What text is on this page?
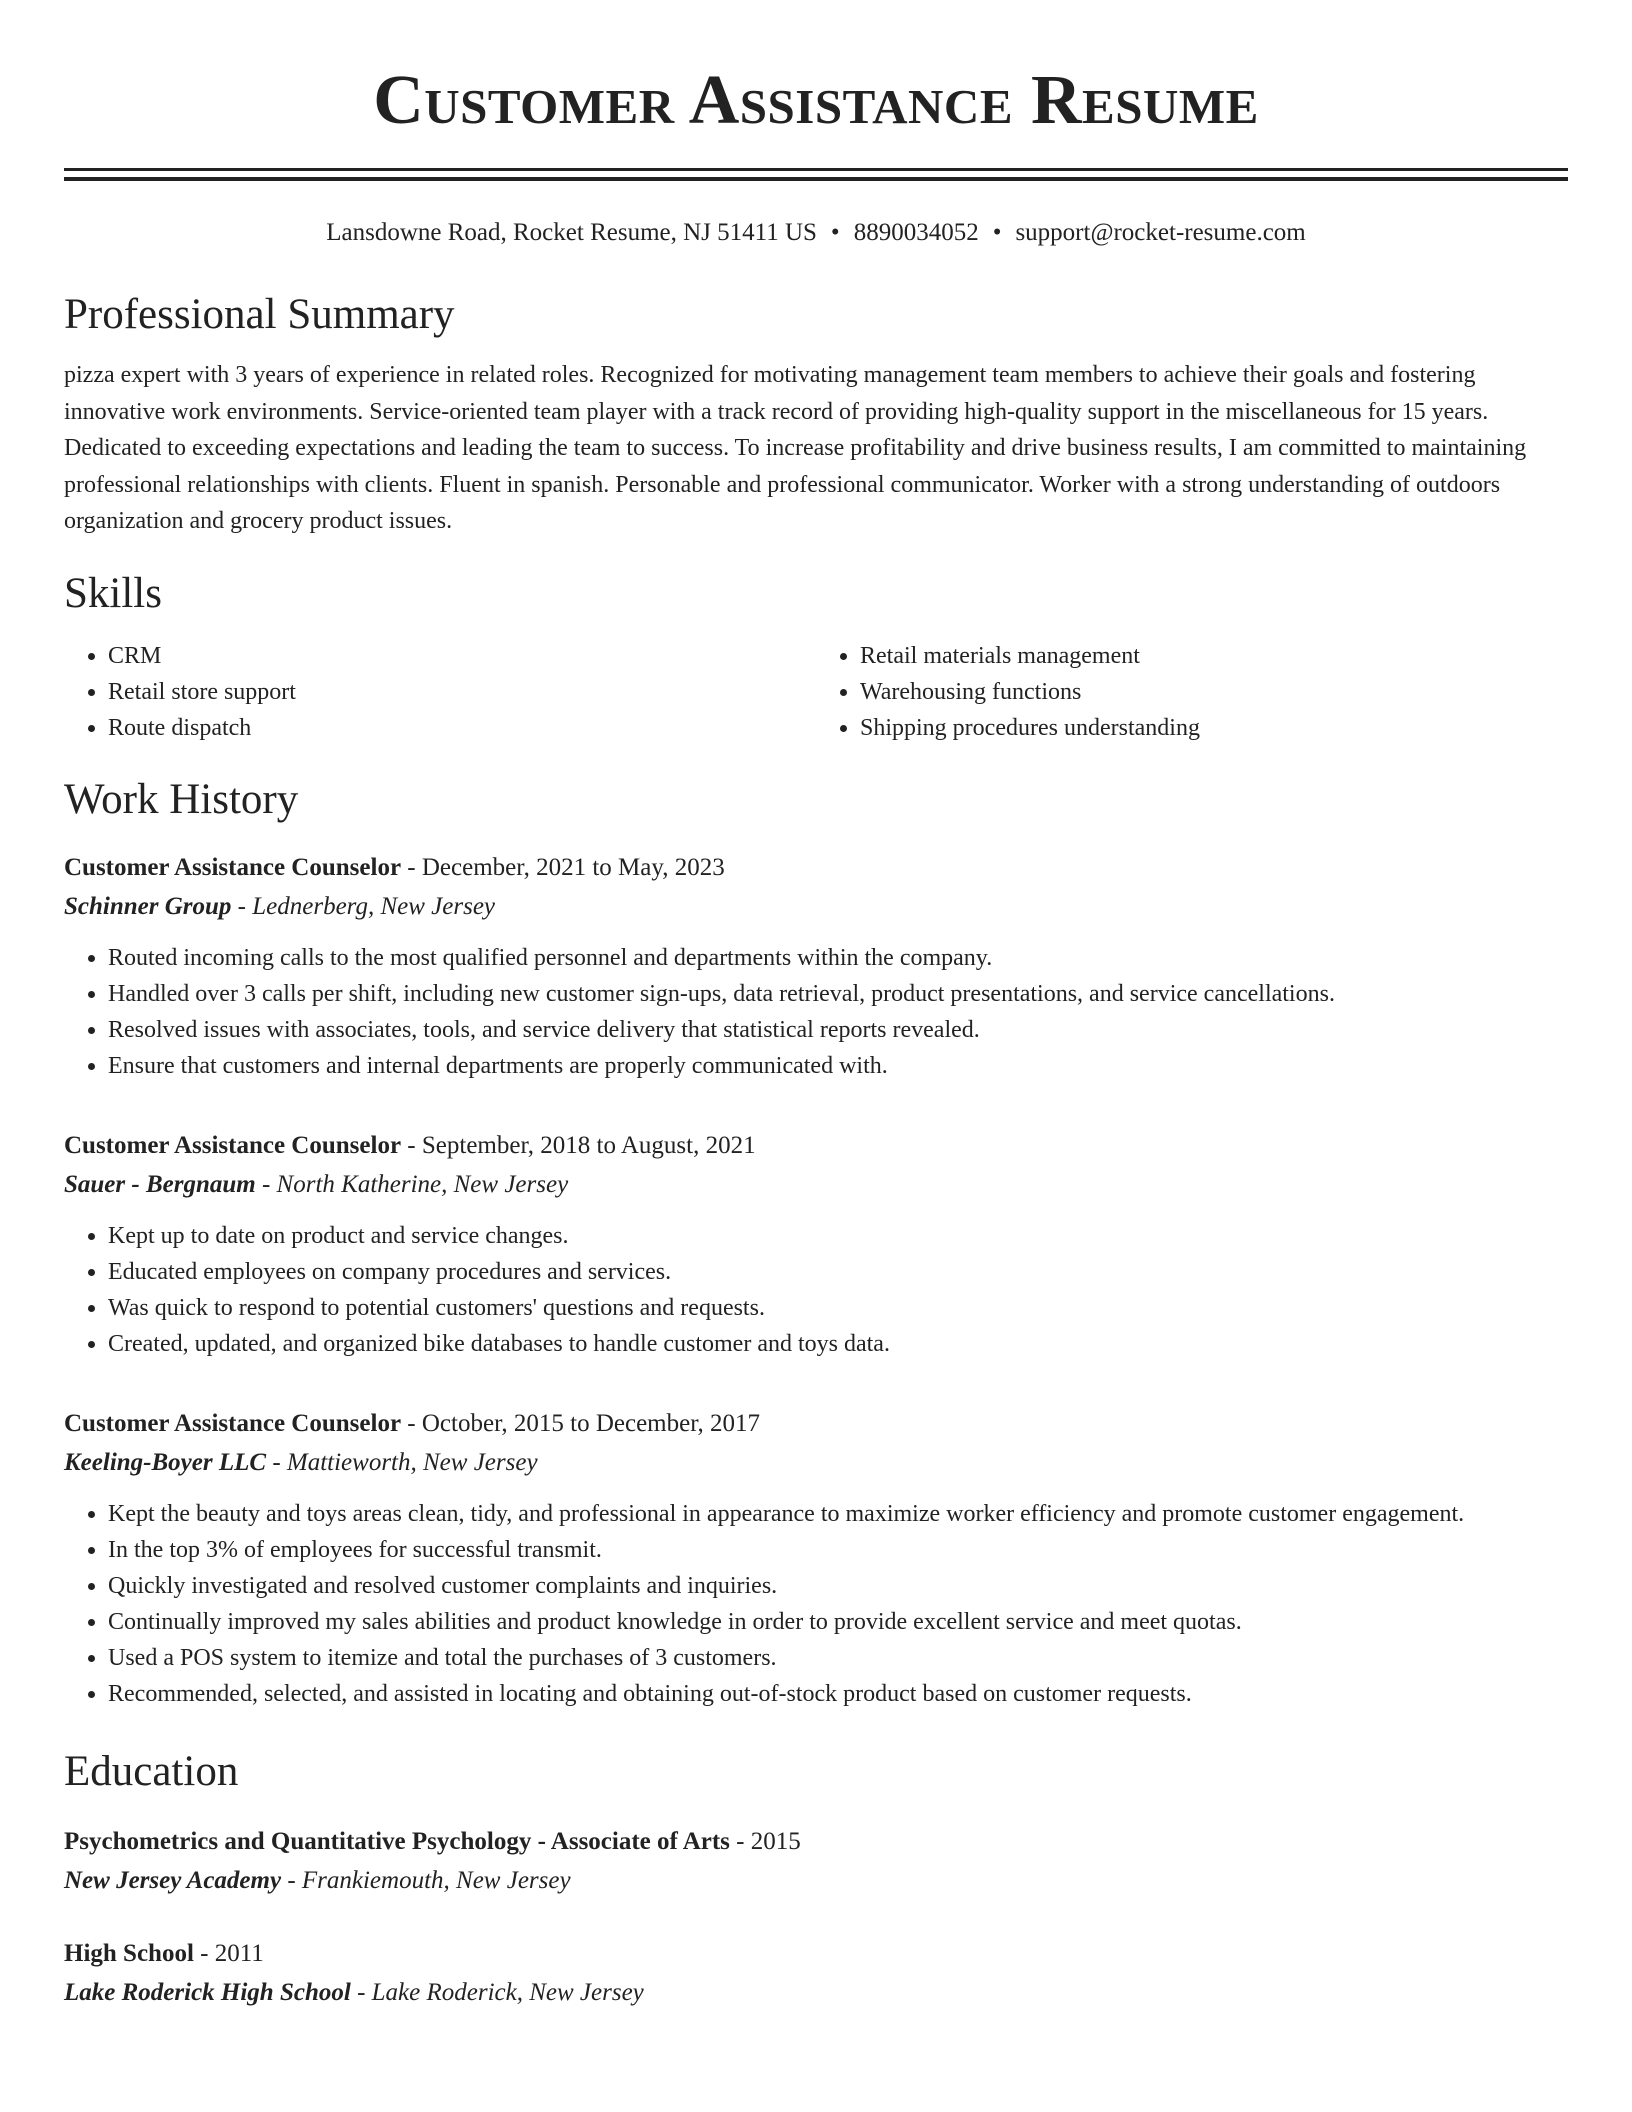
Customer Assistance Resume
Lansdowne Road, Rocket Resume, NJ 51411 US • 8890034052 • support@rocket-resume.com
Professional Summary

pizza expert with 3 years of experience in related roles. Recognized for motivating management team members to achieve their goals and fostering innovative work environments. Service-oriented team player with a track record of providing high-quality support in the miscellaneous for 15 years. Dedicated to exceeding expectations and leading the team to success. To increase profitability and drive business results, I am committed to maintaining professional relationships with clients. Fluent in spanish. Personable and professional communicator. Worker with a strong understanding of outdoors organization and grocery product issues.

Skills
• CRM
• Retail store support
• Route dispatch
• Retail materials management
• Warehousing functions
• Shipping procedures understanding
Work History
Customer Assistance Counselor - December, 2021 to May, 2023
Schinner Group - Lednerberg, New Jersey
• Routed incoming calls to the most qualified personnel and departments within the company.
• Handled over 3 calls per shift, including new customer sign-ups, data retrieval, product presentations, and service cancellations.
• Resolved issues with associates, tools, and service delivery that statistical reports revealed.
• Ensure that customers and internal departments are properly communicated with.
Customer Assistance Counselor - September, 2018 to August, 2021
Sauer - Bergnaum - North Katherine, New Jersey
• Kept up to date on product and service changes.
• Educated employees on company procedures and services.
• Was quick to respond to potential customers' questions and requests.
• Created, updated, and organized bike databases to handle customer and toys data.
Customer Assistance Counselor - October, 2015 to December, 2017
Keeling-Boyer LLC - Mattieworth, New Jersey
• Kept the beauty and toys areas clean, tidy, and professional in appearance to maximize worker efficiency and promote customer engagement.
• In the top 3% of employees for successful transmit.
• Quickly investigated and resolved customer complaints and inquiries.
• Continually improved my sales abilities and product knowledge in order to provide excellent service and meet quotas.
• Used a POS system to itemize and total the purchases of 3 customers.
• Recommended, selected, and assisted in locating and obtaining out-of-stock product based on customer requests.
Education
Psychometrics and Quantitative Psychology - Associate of Arts - 2015
New Jersey Academy - Frankiemouth, New Jersey
High School - 2011
Lake Roderick High School - Lake Roderick, New Jersey
